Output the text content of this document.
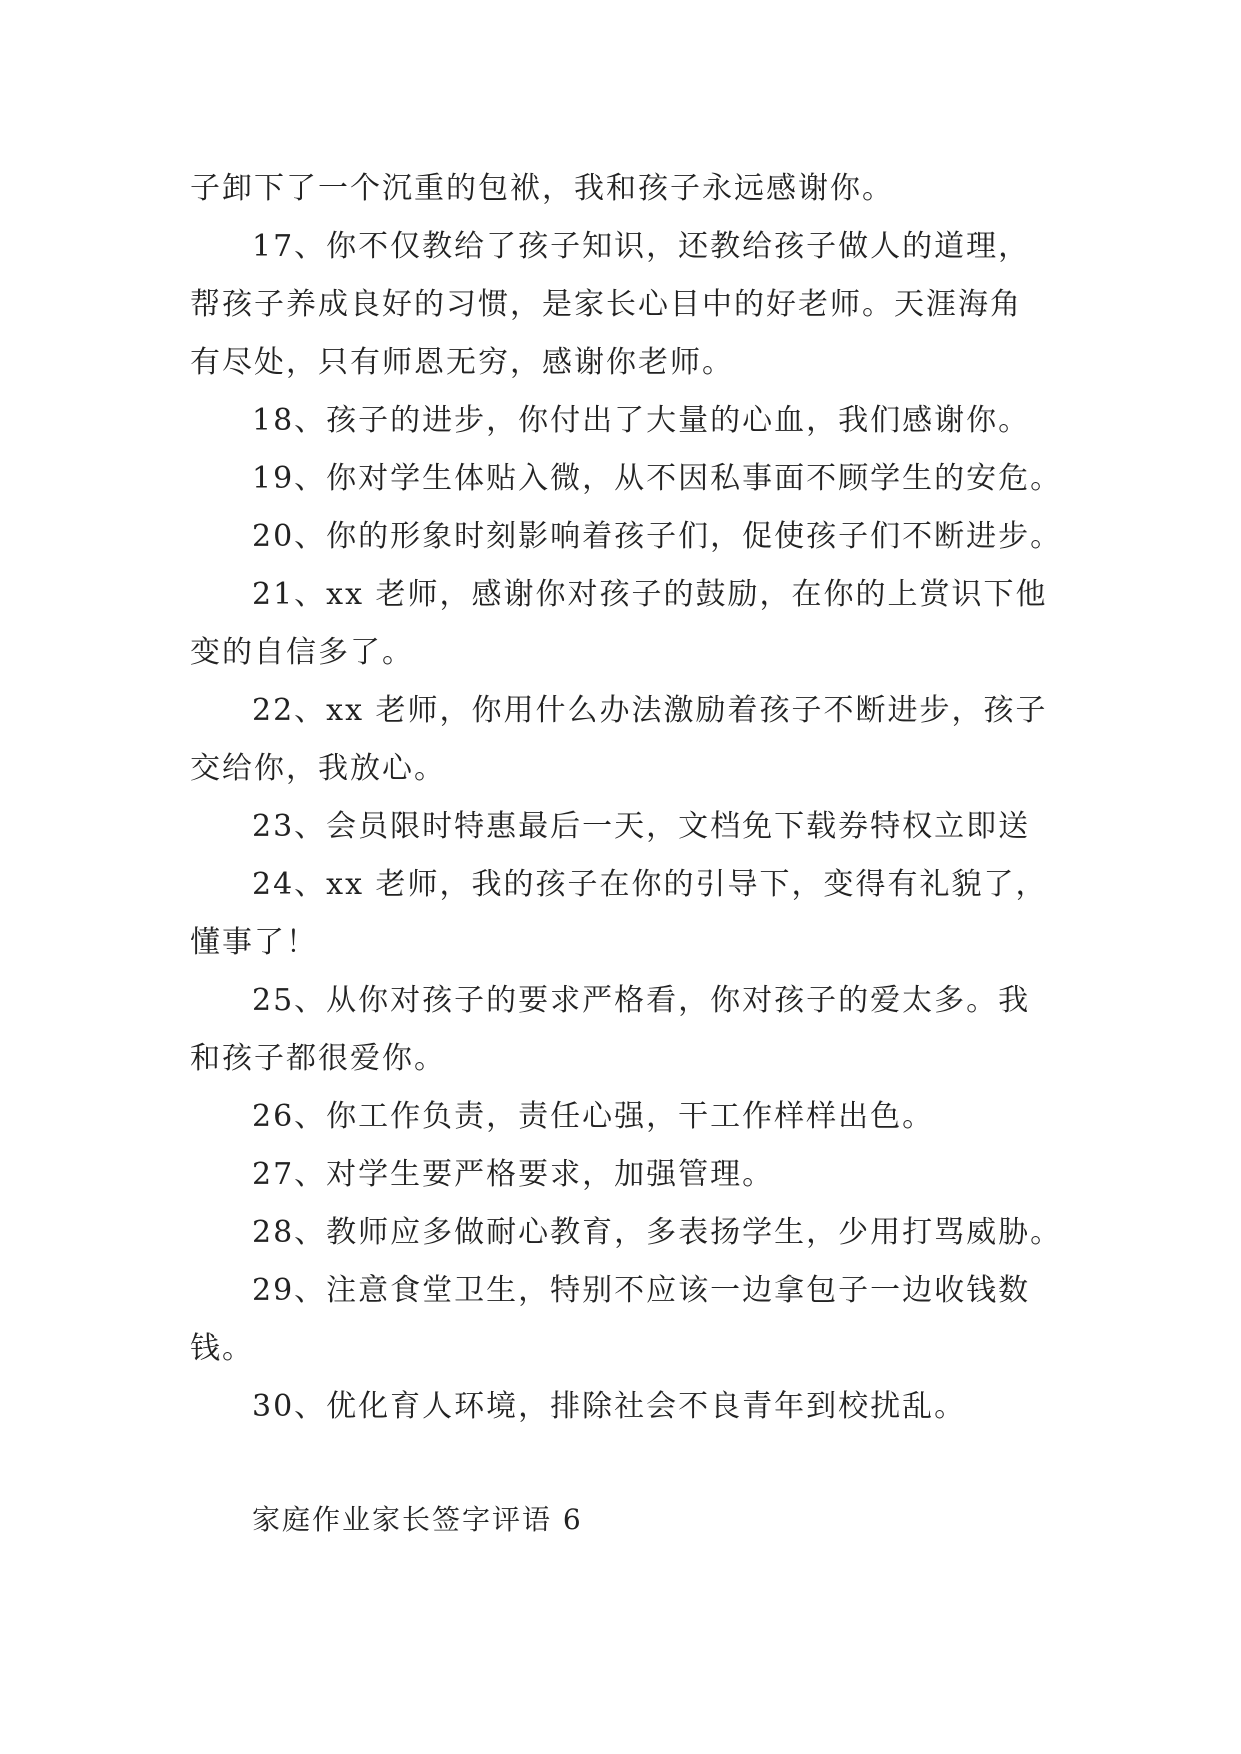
子卸下了一个沉重的包袱，我和孩子永远感谢你。
17、你不仅教给了孩子知识，还教给孩子做人的道理，
帮孩子养成良好的习惯，是家长心目中的好老师。天涯海角
有尽处，只有师恩无穷，感谢你老师。
18、孩子的进步，你付出了大量的心血，我们感谢你。
19、你对学生体贴入微，从不因私事面不顾学生的安危。
20、你的形象时刻影响着孩子们，促使孩子们不断进步。
21、xx 老师，感谢你对孩子的鼓励，在你的上赏识下他
变的自信多了。
22、xx 老师，你用什么办法激励着孩子不断进步，孩子
交给你，我放心。
23、会员限时特惠最后一天，文档免下载券特权立即送
24、xx 老师，我的孩子在你的引导下，变得有礼貌了，
懂事了！
25、从你对孩子的要求严格看，你对孩子的爱太多。我
和孩子都很爱你。
26、你工作负责，责任心强，干工作样样出色。
27、对学生要严格要求，加强管理。
28、教师应多做耐心教育，多表扬学生，少用打骂威胁。
29、注意食堂卫生，特别不应该一边拿包子一边收钱数
钱。
30、优化育人环境，排除社会不良青年到校扰乱。
家庭作业家长签字评语 6
